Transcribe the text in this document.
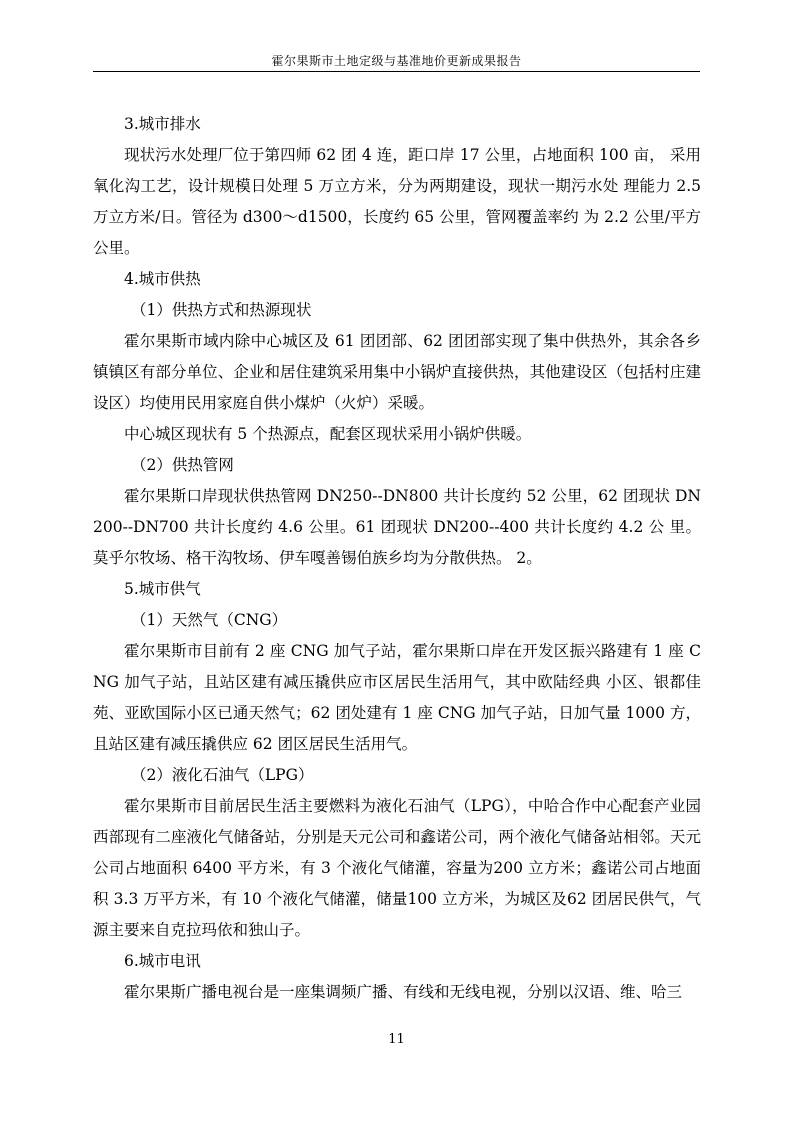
霍尔果斯市土地定级与基准地价更新成果报告

3.城市排水

现状污水处理厂位于第四师 62 团 4 连，距口岸 17 公里，占地面积 100 亩， 采用氧化沟工艺，设计规模日处理 5 万立方米，分为两期建设，现状一期污水处 理能力 2.5 万立方米/日。管径为 d300～d1500，长度约 65 公里，管网覆盖率约 为 2.2 公里/平方公里。

4.城市供热

（1）供热方式和热源现状

霍尔果斯市域内除中心城区及 61 团团部、62 团团部实现了集中供热外，其余各乡镇镇区有部分单位、企业和居住建筑采用集中小锅炉直接供热，其他建设区（包括村庄建设区）均使用民用家庭自供小煤炉（火炉）采暖。

中心城区现状有 5 个热源点，配套区现状采用小锅炉供暖。

（2）供热管网

霍尔果斯口岸现状供热管网 DN250--DN800 共计长度约 52 公里，62 团现状 DN200--DN700 共计长度约 4.6 公里。61 团现状 DN200--400 共计长度约 4.2 公 里。莫乎尔牧场、格干沟牧场、伊车嘎善锡伯族乡均为分散供热。 2。

5.城市供气

（1）天然气（CNG）

霍尔果斯市目前有 2 座 CNG 加气子站，霍尔果斯口岸在开发区振兴路建有 1 座 CNG 加气子站，且站区建有减压撬供应市区居民生活用气，其中欧陆经典 小区、银都佳苑、亚欧国际小区已通天然气；62 团处建有 1 座 CNG 加气子站，日加气量 1000 方，且站区建有减压撬供应 62 团区居民生活用气。

（2）液化石油气（LPG）

霍尔果斯市目前居民生活主要燃料为液化石油气（LPG），中哈合作中心配套产业园西部现有二座液化气储备站，分别是天元公司和鑫诺公司，两个液化气储备站相邻。天元公司占地面积 6400 平方米，有 3 个液化气储灌，容量为200 立方米；鑫诺公司占地面积 3.3 万平方米，有 10 个液化气储灌，储量100 立方米，为城区及62 团居民供气，气源主要来自克拉玛依和独山子。

6.城市电讯

霍尔果斯广播电视台是一座集调频广播、有线和无线电视，分别以汉语、维、哈三

11
